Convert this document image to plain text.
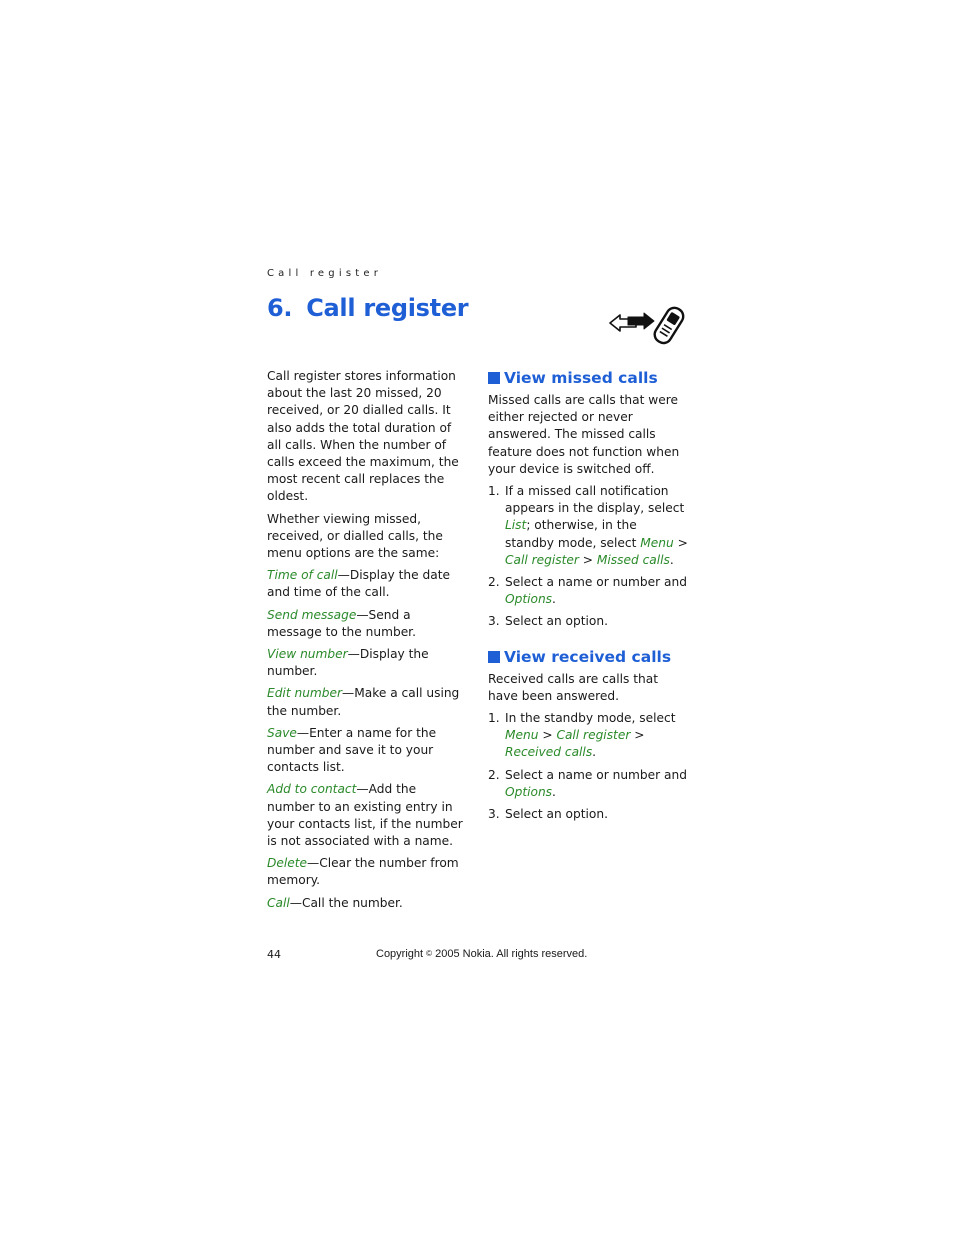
Call register
6. Call register

Call register stores information about the last 20 missed, 20 received, or 20 dialled calls. It also adds the total duration of all calls. When the number of calls exceed the maximum, the most recent call replaces the oldest.

Whether viewing missed, received, or dialled calls, the menu options are the same:

Time of call—Display the date and time of the call.

Send message—Send a message to the number.

View number—Display the number.

Edit number—Make a call using the number.

Save—Enter a name for the number and save it to your contacts list.

Add to contact—Add the number to an existing entry in your contacts list, if the number is not associated with a name.

Delete—Clear the number from memory.

Call—Call the number.

View missed calls

Missed calls are calls that were either rejected or never answered. The missed calls feature does not function when your device is switched off.

1. If a missed call notification appears in the display, select List; otherwise, in the standby mode, select Menu > Call register > Missed calls.
2. Select a name or number and Options.
3. Select an option.
View received calls

Received calls are calls that have been answered.

1. In the standby mode, select Menu > Call register > Received calls.
2. Select a name or number and Options.
3. Select an option.
44	Copyright © 2005 Nokia. All rights reserved.
